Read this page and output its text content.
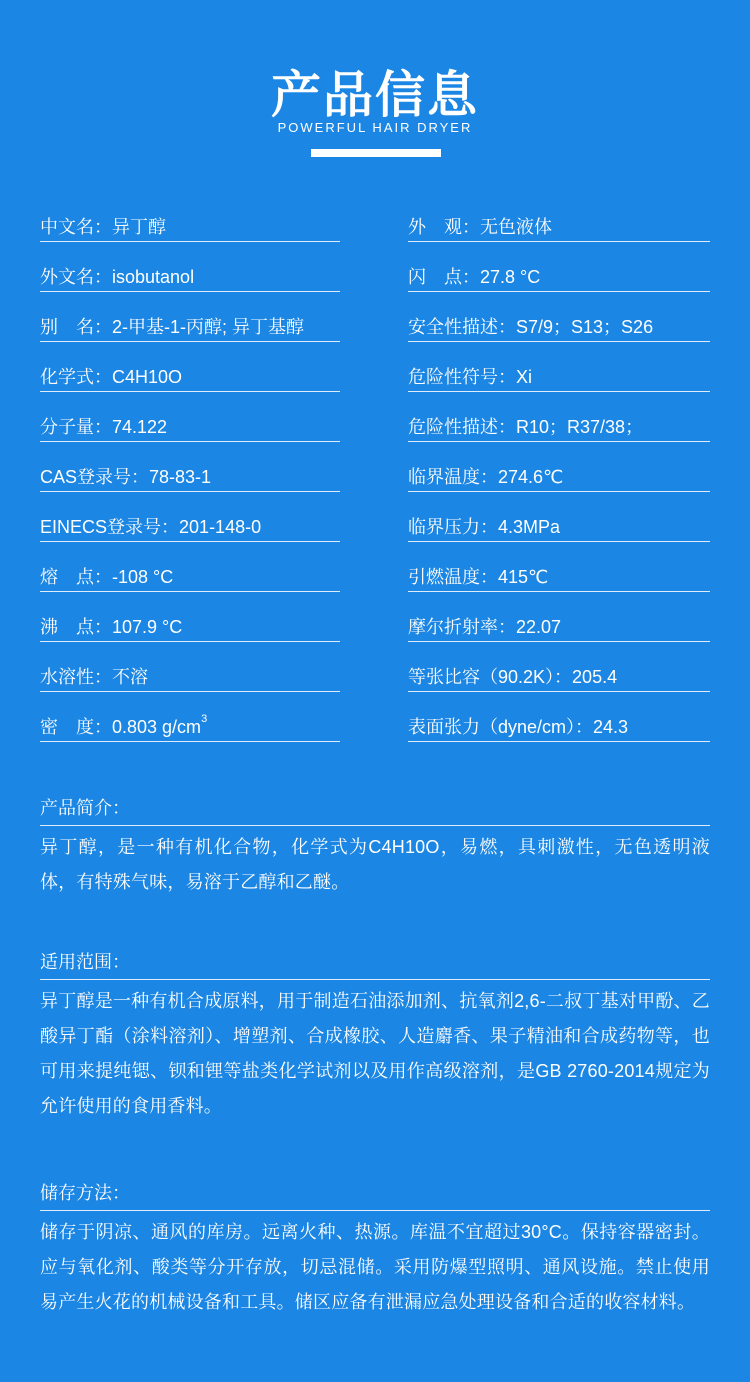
产品信息
POWERFUL HAIR DRYER
中文名：异丁醇	外　观：无色液体
外文名：isobutanol	闪　点：27.8 °C
别　名：2-甲基-1-丙醇; 异丁基醇	安全性描述：S7/9；S13；S26
化学式：C4H10O	危险性符号：Xi
分子量：74.122	危险性描述：R10；R37/38；
CAS登录号：78-83-1	临界温度：274.6℃
EINECS登录号：201-148-0	临界压力：4.3MPa
熔　点：-108 °C	引燃温度：415℃
沸　点：107.9 °C	摩尔折射率：22.07
水溶性：不溶	等张比容（90.2K）：205.4
密　度：0.803 $g/cm^3$	表面张力（dyne/cm）：24.3
产品简介：
异丁醇，是一种有机化合物，化学式为C4H10O，易燃，具刺激性，无色透明液体，有特殊气味，易溶于乙醇和乙醚。
适用范围：
异丁醇是一种有机合成原料，用于制造石油添加剂、抗氧剂2,6-二叔丁基对甲酚、乙酸异丁酯（涂料溶剂）、增塑剂、合成橡胶、人造麝香、果子精油和合成药物等，也可用来提纯锶、钡和锂等盐类化学试剂以及用作高级溶剂，是GB 2760-2014规定为允许使用的食用香料。
储存方法：
储存于阴凉、通风的库房。远离火种、热源。库温不宜超过30°C。保持容器密封。应与氧化剂、酸类等分开存放，切忌混储。采用防爆型照明、通风设施。禁止使用易产生火花的机械设备和工具。储区应备有泄漏应急处理设备和合适的收容材料。
